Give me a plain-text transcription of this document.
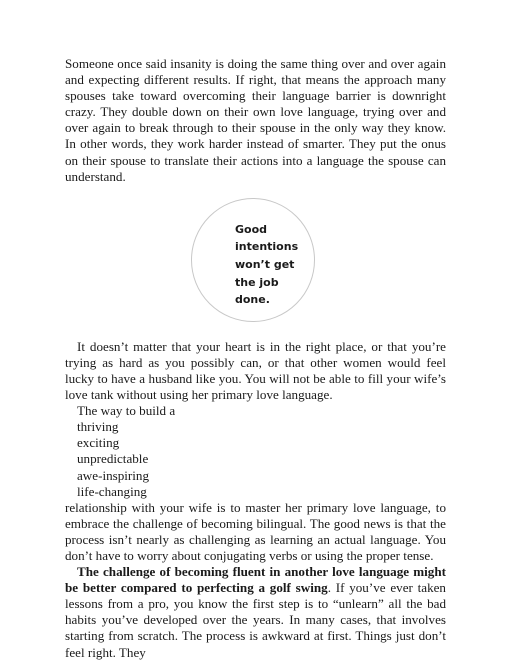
Someone once said insanity is doing the same thing over and over again and expecting different results. If right, that means the approach many spouses take toward overcoming their language barrier is downright crazy. They double down on their own love language, trying over and over again to break through to their spouse in the only way they know. In other words, they work harder instead of smarter. They put the onus on their spouse to translate their actions into a language the spouse can understand.

Good
intentions
won’t get
the job
done.

It doesn’t matter that your heart is in the right place, or that you’re trying as hard as you possibly can, or that other women would feel lucky to have a husband like you. You will not be able to fill your wife’s love tank without using her primary love language.

The way to build a

thriving
exciting
unpredictable
awe-inspiring
life-changing

relationship with your wife is to master her primary love language, to embrace the challenge of becoming bilingual. The good news is that the process isn’t nearly as challenging as learning an actual language. You don’t have to worry about conjugating verbs or using the proper tense.

The challenge of becoming fluent in another love language might be better compared to perfecting a golf swing. If you’ve ever taken lessons from a pro, you know the first step is to “unlearn” all the bad habits you’ve developed over the years. In many cases, that involves starting from scratch. The process is awkward at first. Things just don’t feel right. They
